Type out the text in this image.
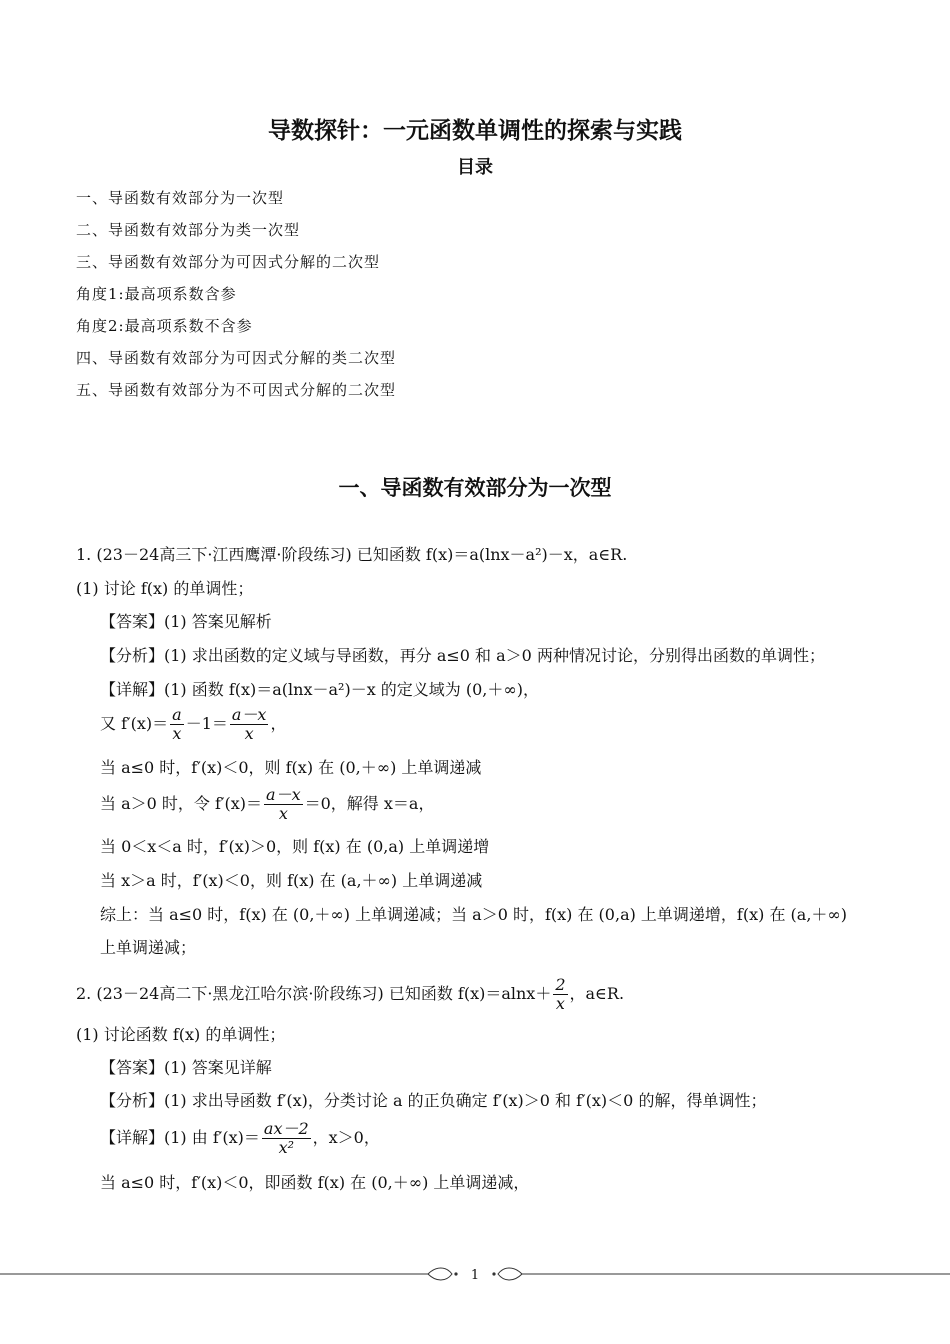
导数探针：一元函数单调性的探索与实践
目录
一、导函数有效部分为一次型
二、导函数有效部分为类一次型
三、导函数有效部分为可因式分解的二次型
角度1:最高项系数含参
角度2:最高项系数不含参
四、导函数有效部分为可因式分解的类二次型
五、导函数有效部分为不可因式分解的二次型
一、导函数有效部分为一次型
1. (23－24高三下·江西鹰潭·阶段练习) 已知函数 f(x)＝a(lnx－a²)－x，a∈R.
(1) 讨论 f(x) 的单调性；
【答案】(1) 答案见解析
【分析】(1) 求出函数的定义域与导函数，再分 a≤0 和 a＞0 两种情况讨论，分别得出函数的单调性；
【详解】(1) 函数 f(x)＝a(lnx－a²)－x 的定义域为 (0,＋∞)，
又 $f'(x)= \frac{a}{x} -1= \frac{a-x}{x}$ ，
当 a≤0 时，f′(x)＜0，则 f(x) 在 (0,＋∞) 上单调递减
当 a＞0 时，令 $f'(x)= \frac{a-x}{x} =0$，解得 x＝a，
当 0＜x＜a 时，f′(x)＞0，则 f(x) 在 (0,a) 上单调递增
当 x＞a 时，f′(x)＜0，则 f(x) 在 (a,＋∞) 上单调递减
综上：当 a≤0 时，f(x) 在 (0,＋∞) 上单调递减；当 a＞0 时，f(x) 在 (0,a) 上单调递增，f(x) 在 (a,＋∞)
上单调递减；
2. (23－24高二下·黑龙江哈尔滨·阶段练习) 已知函数 $f(x)=alnx+ \frac{2}{x}$ ，a∈R.
(1) 讨论函数 f(x) 的单调性；
【答案】(1) 答案见详解
【分析】(1) 求出导函数 f′(x)，分类讨论 a 的正负确定 f′(x)＞0 和 f′(x)＜0 的解，得单调性；
【详解】(1) 由 $f'(x)= \frac{ax-2}{\text{x²}}$ ，x＞0，
当 a≤0 时，f′(x)＜0，即函数 f(x) 在 (0,＋∞) 上单调递减，
1
